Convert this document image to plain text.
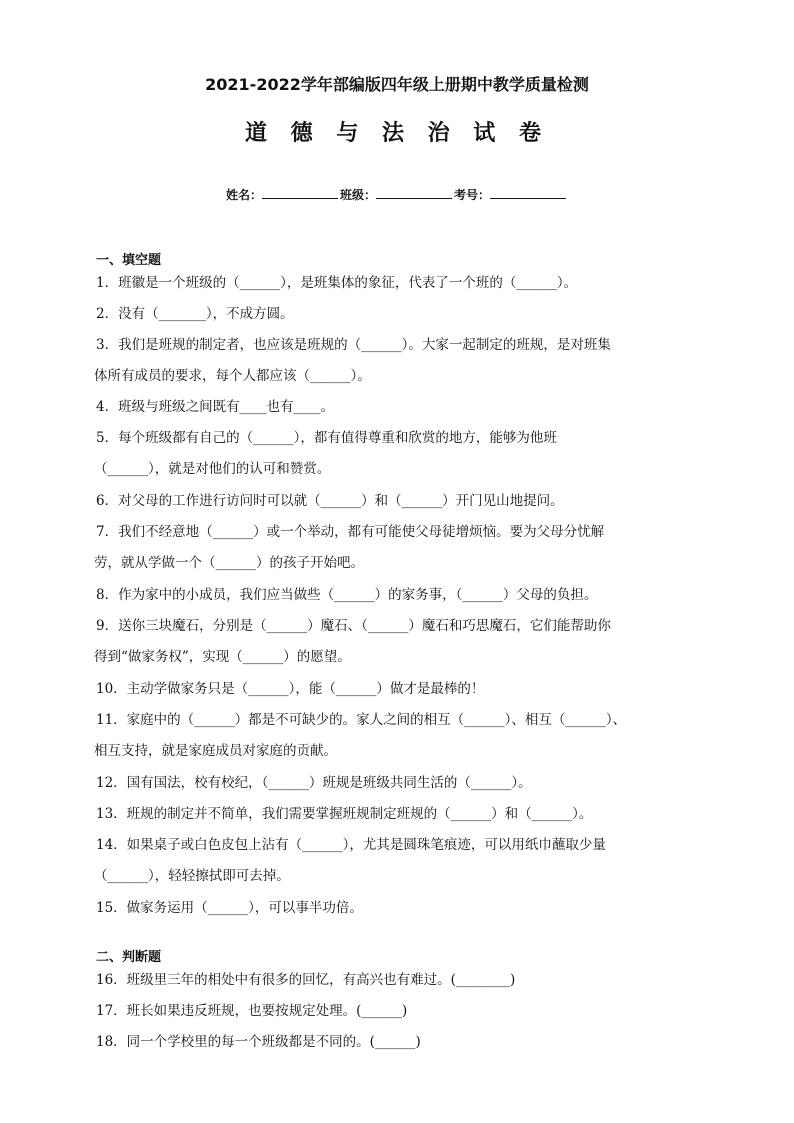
2021-2022学年部编版四年级上册期中教学质量检测
道 德 与 法 治 试 卷
姓名：	班级：	考号：
一、填空题
1．班徽是一个班级的（______），是班集体的象征，代表了一个班的（______）。
2．没有（_______），不成方圆。
3．我们是班规的制定者，也应该是班规的（______）。大家一起制定的班规，是对班集
体所有成员的要求，每个人都应该（______）。
4．班级与班级之间既有____也有____。
5．每个班级都有自己的（______），都有值得尊重和欣赏的地方，能够为他班
（______），就是对他们的认可和赞赏。
6．对父母的工作进行访问时可以就（______）和（______）开门见山地提问。
7．我们不经意地（______）或一个举动，都有可能使父母徒增烦恼。要为父母分忧解
劳，就从学做一个（______）的孩子开始吧。
8．作为家中的小成员，我们应当做些（______）的家务事，（______）父母的负担。
9．送你三块魔石，分别是（______）魔石、（______）魔石和巧思魔石，它们能帮助你
得到“做家务权”，实现（______）的愿望。
10．主动学做家务只是（______），能（______）做才是最棒的！
11．家庭中的（______）都是不可缺少的。家人之间的相互（______）、相互（______）、
相互支持，就是家庭成员对家庭的贡献。
12．国有国法，校有校纪，（______）班规是班级共同生活的（______）。
13．班规的制定并不简单，我们需要掌握班规制定班规的（______）和（______）。
14．如果桌子或白色皮包上沾有（______），尤其是圆珠笔痕迹，可以用纸巾蘸取少量
（______），轻轻擦拭即可去掉。
15．做家务运用（______），可以事半功倍。
二、判断题
16．班级里三年的相处中有很多的回忆，有高兴也有难过。(________)
17．班长如果违反班规，也要按规定处理。(______)
18．同一个学校里的每一个班级都是不同的。(______)
